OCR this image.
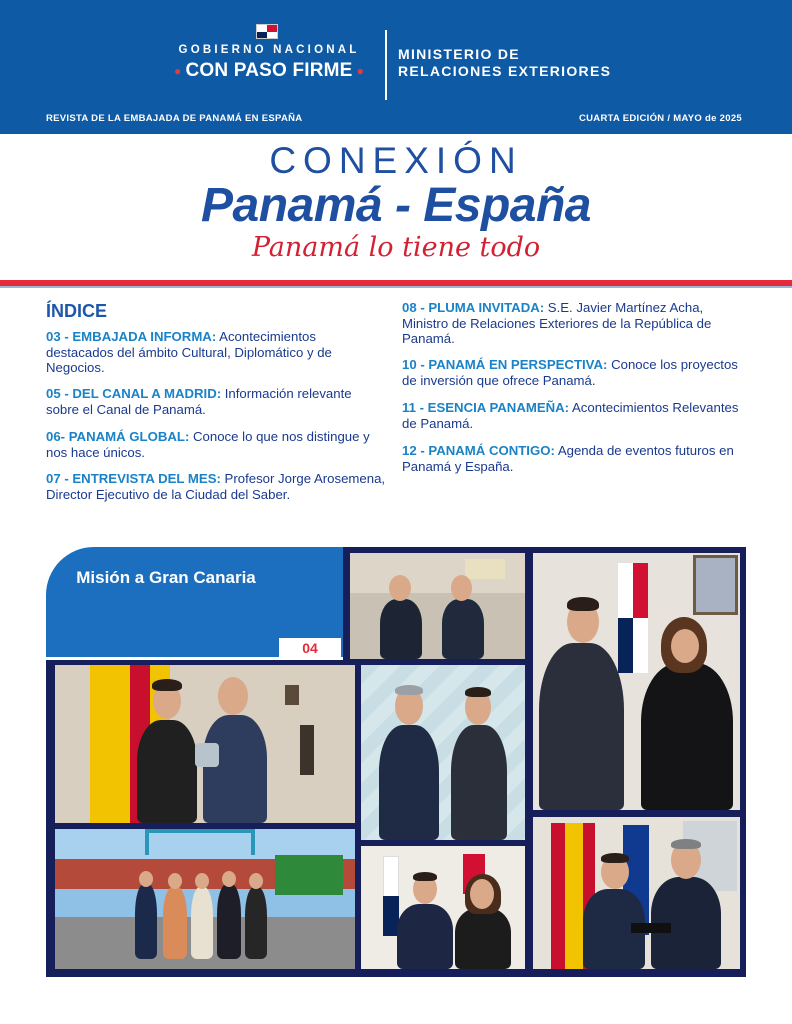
GOBIERNO NACIONAL
● CON PASO FIRME ●
MINISTERIO DE
RELACIONES EXTERIORES
REVISTA DE LA EMBAJADA DE PANAMÁ EN ESPAÑA	CUARTA EDICIÓN / MAYO de 2025
CONEXIÓN
Panamá - España
Panamá lo tiene todo
ÍNDICE
03 - EMBAJADA INFORMA: Acontecimientos destacados del ámbito Cultural, Diplomático y de Negocios.
05 - DEL CANAL A MADRID: Información relevante sobre el Canal de Panamá.
06- PANAMÁ GLOBAL: Conoce lo que nos distingue y nos hace únicos.
07 - ENTREVISTA DEL MES: Profesor Jorge Arosemena, Director Ejecutivo de la Ciudad del Saber.
08 - PLUMA INVITADA: S.E. Javier Martínez Acha, Ministro de Relaciones Exteriores de la República de Panamá.
10 - PANAMÁ EN PERSPECTIVA: Conoce los proyectos de inversión que ofrece Panamá.
11 - ESENCIA PANAMEÑA: Acontecimientos Relevantes de Panamá.
12 - PANAMÁ CONTIGO: Agenda de eventos futuros en Panamá y España.
Misión a Gran Canaria
04
